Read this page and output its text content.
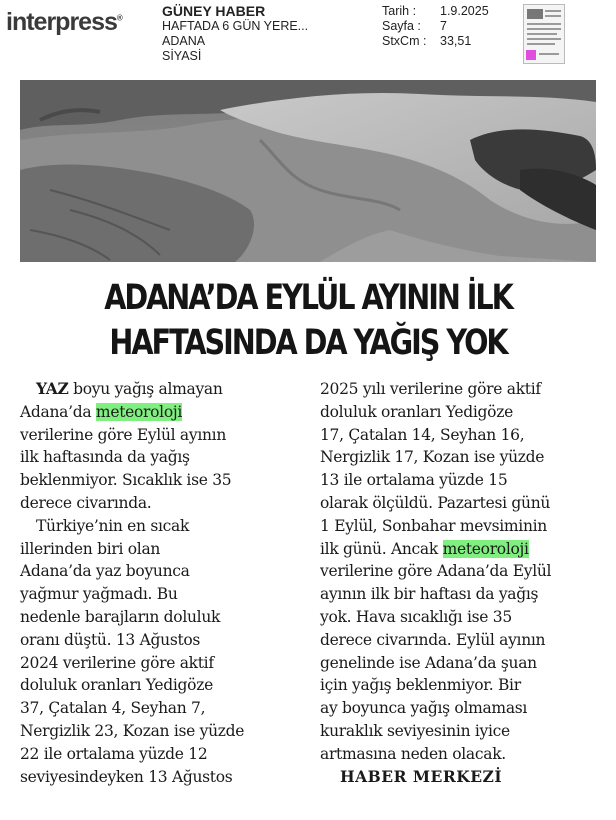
interpress®	GÜNEY HABER
HAFTADA 6 GÜN YERE...
ADANA
SİYASİ
Tarih :	1.9.2025
Sayfa :	7
StxCm :	33,51
ADANA’DA EYLÜL AYININ İLK
HAFTASINDA DA YAĞIŞ YOK
YAZ boyu yağış almayan
Adana’da meteoroloji
verilerine göre Eylül ayının
ilk haftasında da yağış
beklenmiyor. Sıcaklık ise 35
derece civarında.
Türkiye’nin en sıcak
illerinden biri olan
Adana’da yaz boyunca
yağmur yağmadı. Bu
nedenle barajların doluluk
oranı düştü. 13 Ağustos
2024 verilerine göre aktif
doluluk oranları Yedigöze
37, Çatalan 4, Seyhan 7,
Nergizlik 23, Kozan ise yüzde
22 ile ortalama yüzde 12
seviyesindeyken 13 Ağustos
2025 yılı verilerine göre aktif
doluluk oranları Yedigöze
17, Çatalan 14, Seyhan 16,
Nergizlik 17, Kozan ise yüzde
13 ile ortalama yüzde 15
olarak ölçüldü. Pazartesi günü
1 Eylül, Sonbahar mevsiminin
ilk günü. Ancak meteoroloji
verilerine göre Adana’da Eylül
ayının ilk bir haftası da yağış
yok. Hava sıcaklığı ise 35
derece civarında. Eylül ayının
genelinde ise Adana’da şuan
için yağış beklenmiyor. Bir
ay boyunca yağış olmaması
kuraklık seviyesinin iyice
artmasına neden olacak.
HABER MERKEZİ
